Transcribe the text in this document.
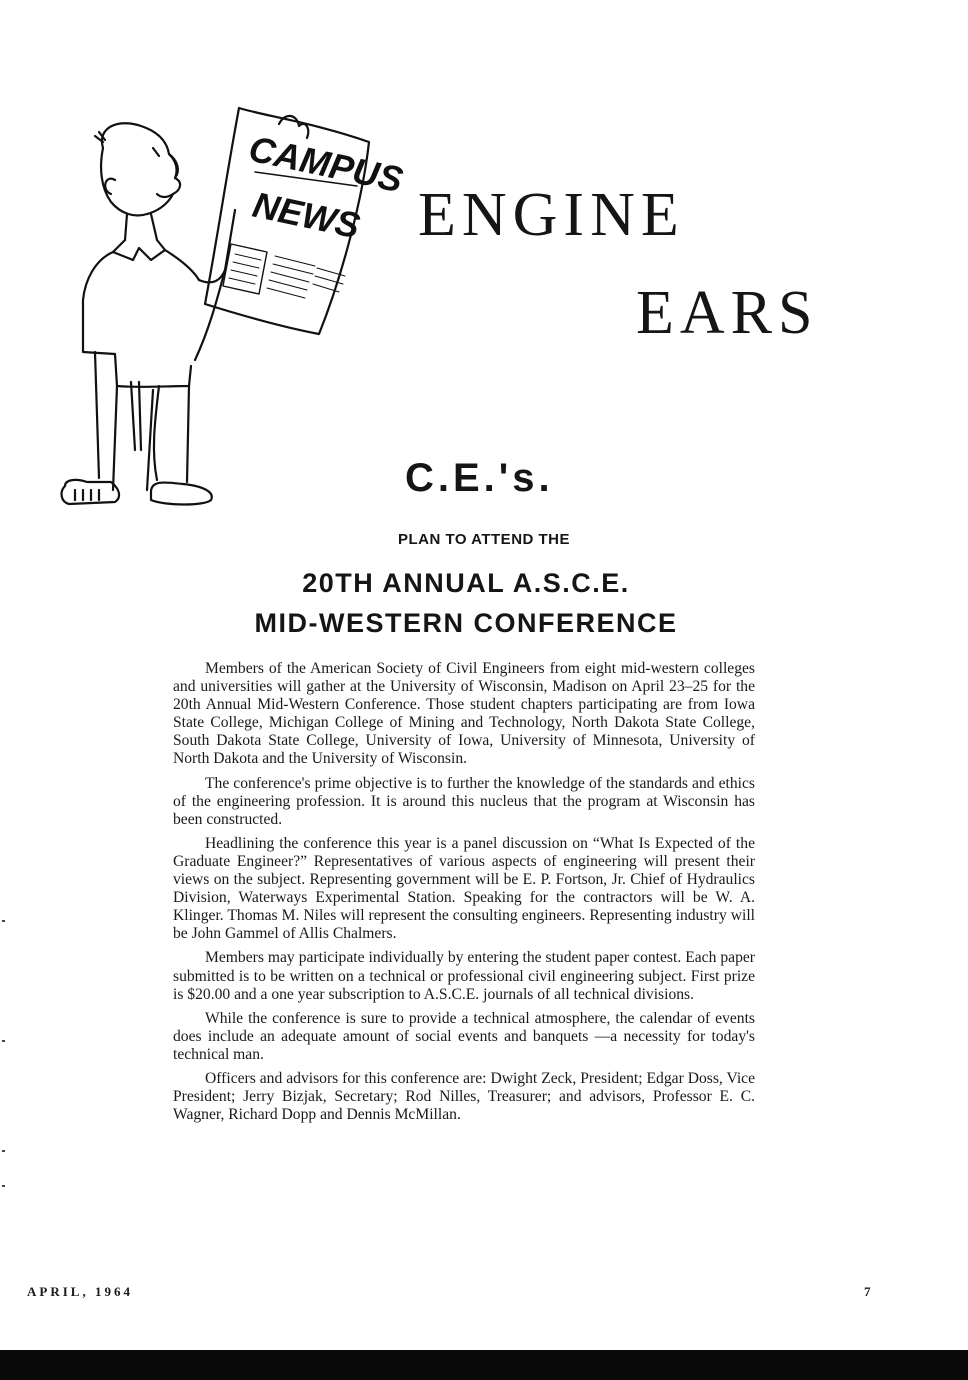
CAMPUS
NEWS ENGINE
EARS
C.E.'s.
PLAN TO ATTEND THE
20TH ANNUAL A.S.C.E.
MID-WESTERN CONFERENCE

Members of the American Society of Civil Engineers from eight mid-western colleges and universities will gather at the University of Wisconsin, Madison on April 23–25 for the 20th Annual Mid-Western Conference. Those student chapters participating are from Iowa State College, Michigan College of Mining and Technology, North Dakota State College, South Dakota State College, University of Iowa, University of Minnesota, University of North Dakota and the University of Wisconsin.

The conference's prime objective is to further the knowledge of the standards and ethics of the engineering profession. It is around this nucleus that the program at Wisconsin has been constructed.

Headlining the conference this year is a panel discussion on “What Is Expected of the Graduate Engineer?” Representatives of various aspects of engineering will present their views on the subject. Representing government will be E. P. Fortson, Jr. Chief of Hydraulics Division, Waterways Experimental Station. Speaking for the contractors will be W. A. Klinger. Thomas M. Niles will represent the consulting engineers. Representing industry will be John Gammel of Allis Chalmers.

Members may participate individually by entering the student paper contest. Each paper submitted is to be written on a technical or professional civil engineering subject. First prize is $20.00 and a one year subscription to A.S.C.E. journals of all technical divisions.

While the conference is sure to provide a technical atmosphere, the calendar of events does include an adequate amount of social events and banquets —a necessity for today's technical man.

Officers and advisors for this conference are: Dwight Zeck, President; Edgar Doss, Vice President; Jerry Bizjak, Secretary; Rod Nilles, Treasurer; and advisors, Professor E. C. Wagner, Richard Dopp and Dennis McMillan.

APRIL, 1964	7
